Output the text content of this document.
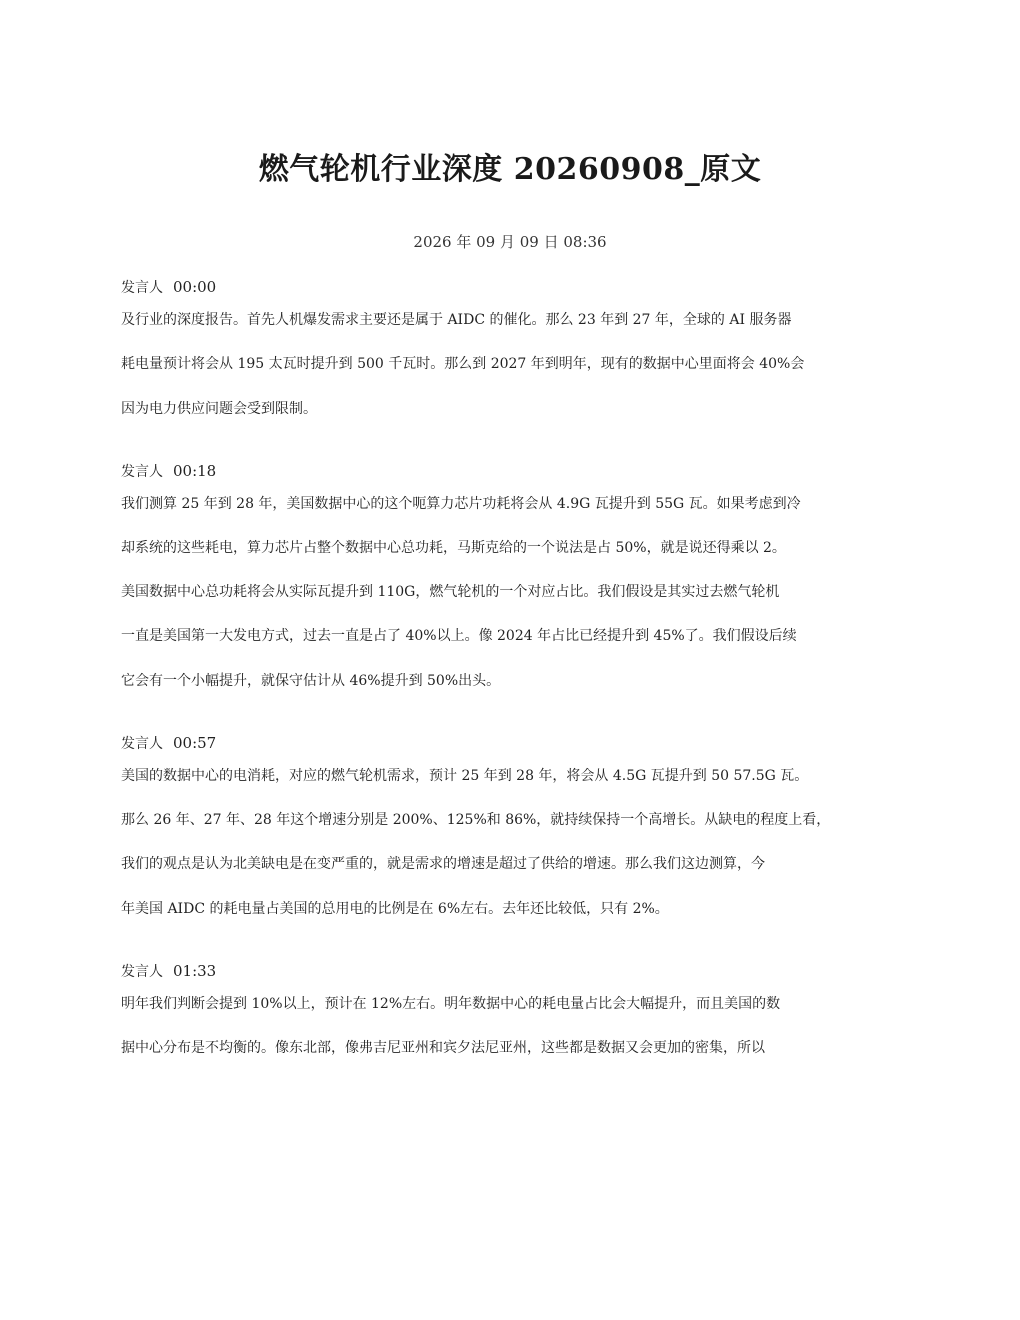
燃气轮机行业深度 20260908_原文
2026 年 09 月 09 日 08:36
发言人 00:00
及行业的深度报告。首先人机爆发需求主要还是属于 AIDC 的催化。那么 23 年到 27 年，全球的 AI 服务器
耗电量预计将会从 195 太瓦时提升到 500 千瓦时。那么到 2027 年到明年，现有的数据中心里面将会 40%会
因为电力供应问题会受到限制。
发言人 00:18
我们测算 25 年到 28 年，美国数据中心的这个呃算力芯片功耗将会从 4.9G 瓦提升到 55G 瓦。如果考虑到冷
却系统的这些耗电，算力芯片占整个数据中心总功耗，马斯克给的一个说法是占 50%，就是说还得乘以 2。
美国数据中心总功耗将会从实际瓦提升到 110G，燃气轮机的一个对应占比。我们假设是其实过去燃气轮机
一直是美国第一大发电方式，过去一直是占了 40%以上。像 2024 年占比已经提升到 45%了。我们假设后续
它会有一个小幅提升，就保守估计从 46%提升到 50%出头。
发言人 00:57
美国的数据中心的电消耗，对应的燃气轮机需求，预计 25 年到 28 年，将会从 4.5G 瓦提升到 50 57.5G 瓦。
那么 26 年、27 年、28 年这个增速分别是 200%、125%和 86%，就持续保持一个高增长。从缺电的程度上看，
我们的观点是认为北美缺电是在变严重的，就是需求的增速是超过了供给的增速。那么我们这边测算，今
年美国 AIDC 的耗电量占美国的总用电的比例是在 6%左右。去年还比较低，只有 2%。
发言人 01:33
明年我们判断会提到 10%以上，预计在 12%左右。明年数据中心的耗电量占比会大幅提升，而且美国的数
据中心分布是不均衡的。像东北部，像弗吉尼亚州和宾夕法尼亚州，这些都是数据又会更加的密集，所以
